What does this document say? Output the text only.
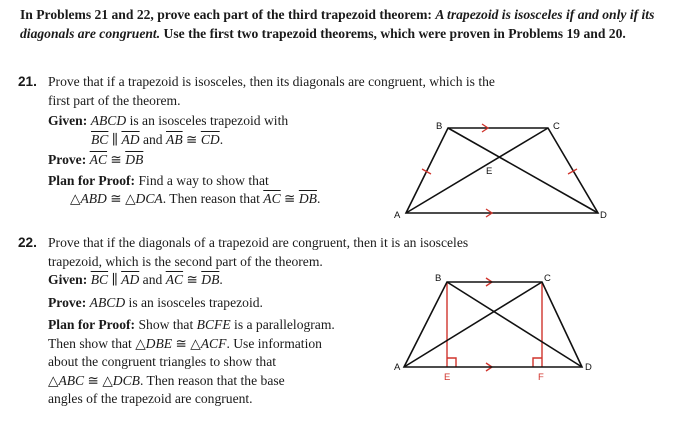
In Problems 21 and 22, prove each part of the third trapezoid theorem: A trapezoid is isosceles if and only if its diagonals are congruent. Use the first two trapezoid theorems, which were proven in Problems 19 and 20.
21. Prove that if a trapezoid is isosceles, then its diagonals are congruent, which is the
first part of the theorem.
Given: ABCD is an isosceles trapezoid with
$\overline{BC}$ ∥ $\overline{AD}$ and $\overline{AB}$ ≅ $\overline{CD}$.
Prove: $\overline{AC}$ ≅ $\overline{DB}$
Plan for Proof: Find a way to show that
△ABD ≅ △DCA. Then reason that $\overline{AC}$ ≅ $\overline{DB}$.
A
B	C
D
E
22. Prove that if the diagonals of a trapezoid are congruent, then it is an isosceles
trapezoid, which is the second part of the theorem.
Given: $\overline{BC}$ ∥ $\overline{AD}$ and $\overline{AC}$ ≅ $\overline{DB}$.
Prove: ABCD is an isosceles trapezoid.
Plan for Proof: Show that BCFE is a parallelogram.
Then show that △DBE ≅ △ACF. Use information
about the congruent triangles to show that
△ABC ≅ △DCB. Then reason that the base
angles of the trapezoid are congruent.
A
B	C
D
E	F
